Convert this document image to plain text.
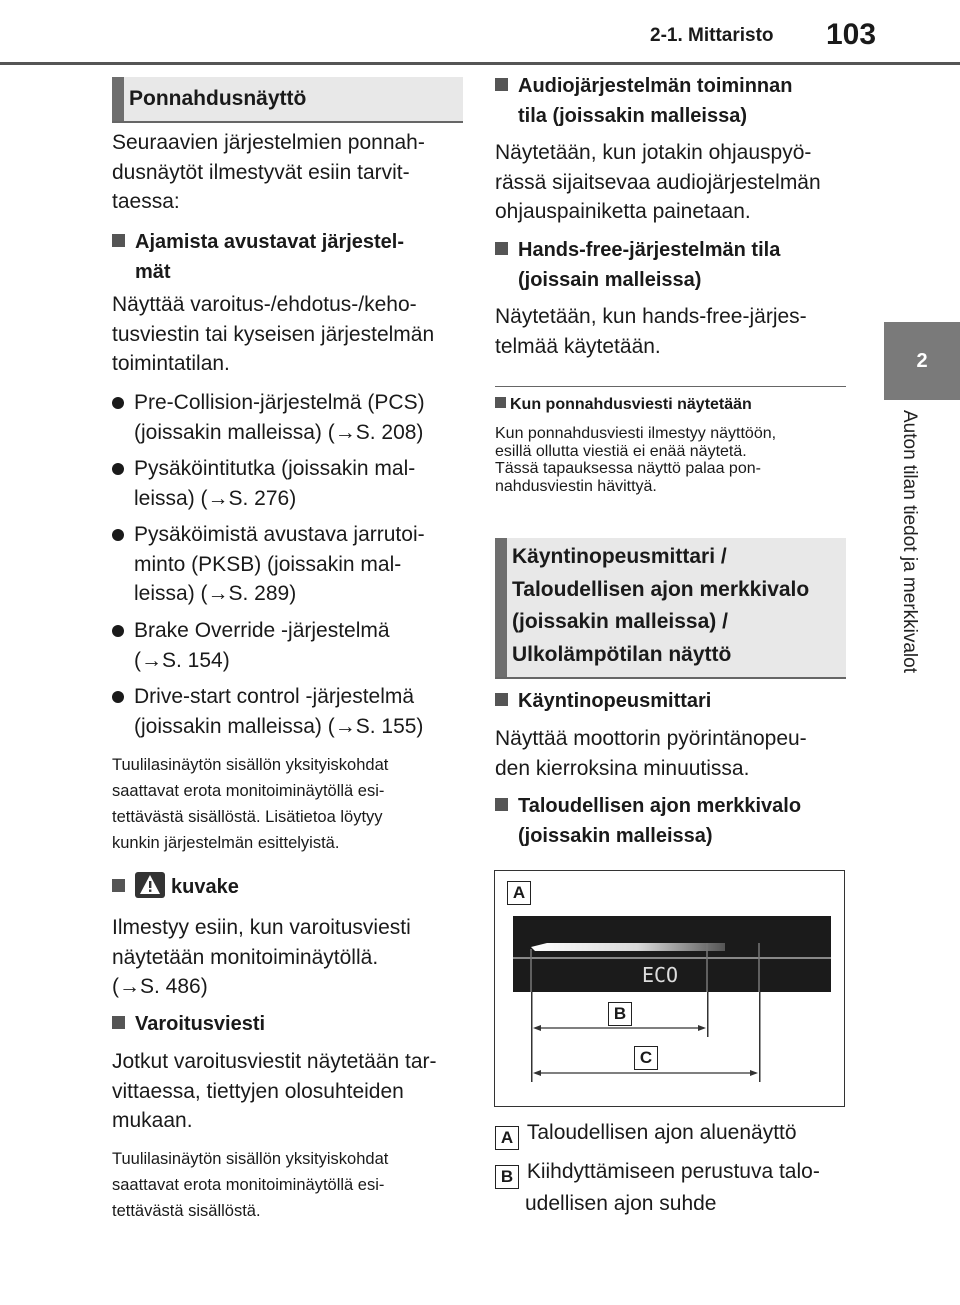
2-1. Mittaristo 103
2
Auton tilan tiedot ja merkkivalot
Ponnahdusnäyttö
Seuraavien järjestelmien ponnah-
dusnäytöt ilmestyvät esiin tarvit-
taessa:
Ajamista avustavat järjestel-
mät
Näyttää varoitus-/ehdotus-/keho-
tusviestin tai kyseisen järjestelmän
toimintatilan.
Pre-Collision-järjestelmä (PCS)
(joissakin malleissa) (→S. 208)
Pysäköintitutka (joissakin mal-
leissa) (→S. 276)
Pysäköimistä avustava jarrutoi-
minto (PKSB) (joissakin mal-
leissa) (→S. 289)
Brake Override -järjestelmä
(→S. 154)
Drive-start control -järjestelmä
(joissakin malleissa) (→S. 155)
Tuulilasinäytön sisällön yksityiskohdat
saattavat erota monitoiminäytöllä esi-
tettävästä sisällöstä. Lisätietoa löytyy
kunkin järjestelmän esittelyistä.
kuvake
Ilmestyy esiin, kun varoitusviesti
näytetään monitoiminäytöllä.
(→S. 486)
Varoitusviesti
Jotkut varoitusviestit näytetään tar-
vittaessa, tiettyjen olosuhteiden
mukaan.
Tuulilasinäytön sisällön yksityiskohdat
saattavat erota monitoiminäytöllä esi-
tettävästä sisällöstä.
Audiojärjestelmän toiminnan
tila (joissakin malleissa)
Näytetään, kun jotakin ohjauspyö-
rässä sijaitsevaa audiojärjestelmän
ohjauspainiketta painetaan.
Hands-free-järjestelmän tila
(joissain malleissa)
Näytetään, kun hands-free-järjes-
telmää käytetään.
Kun ponnahdusviesti näytetään
Kun ponnahdusviesti ilmestyy näyttöön,
esillä ollutta viestiä ei enää näytetä.
Tässä tapauksessa näyttö palaa pon-
nahdusviestin hävittyä.
Käyntinopeusmittari /
Taloudellisen ajon merkkivalo
(joissakin malleissa) /
Ulkolämpötilan näyttö
Käyntinopeusmittari
Näyttää moottorin pyörintänopeu-
den kierroksina minuutissa.
Taloudellisen ajon merkkivalo
(joissakin malleissa)
A
ECO
B
C
A Taloudellisen ajon aluenäyttö
B Kiihdyttämiseen perustuva talo-
udellisen ajon suhde
